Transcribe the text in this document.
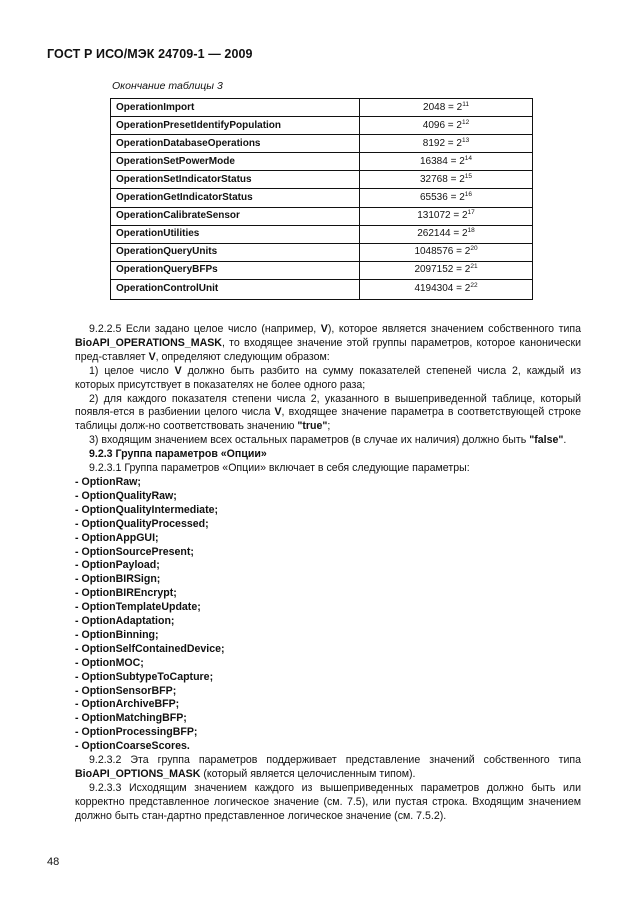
ГОСТ Р ИСО/МЭК 24709-1 — 2009
Окончание таблицы 3
OperationImport	$2048 = 2^{11}$
OperationPresetIdentifyPopulation	$4096 = 2^{12}$
OperationDatabaseOperations	$8192 = 2^{13}$
OperationSetPowerMode	$16384 = 2^{14}$
OperationSetIndicatorStatus	$32768 = 2^{15}$
OperationGetIndicatorStatus	$65536 = 2^{16}$
OperationCalibrateSensor	$131072 = 2^{17}$
OperationUtilities	$262144 = 2^{18}$
OperationQueryUnits	$1048576 = 2^{20}$
OperationQueryBFPs	$2097152 = 2^{21}$
OperationControlUnit	$4194304 = 2^{22}$

9.2.2.5 Если задано целое число (например, V), которое является значением собственного типа BioAPI_OPERATIONS_MASK, то входящее значение этой группы параметров, которое канонически пред-ставляет V, определяют следующим образом:

1) целое число V должно быть разбито на сумму показателей степеней числа 2, каждый из которых присутствует в показателях не более одного раза;

2) для каждого показателя степени числа 2, указанного в вышеприведенной таблице, который появля-ется в разбиении целого числа V, входящее значение параметра в соответствующей строке таблицы долж-но соответствовать значению "true";

3) входящим значением всех остальных параметров (в случае их наличия) должно быть "false".

9.2.3 Группа параметров «Опции»

9.2.3.1 Группа параметров «Опции» включает в себя следующие параметры:

- OptionRaw;

- OptionQualityRaw;

- OptionQualityIntermediate;

- OptionQualityProcessed;

- OptionAppGUI;

- OptionSourcePresent;

- OptionPayload;

- OptionBIRSign;

- OptionBIREncrypt;

- OptionTemplateUpdate;

- OptionAdaptation;

- OptionBinning;

- OptionSelfContainedDevice;

- OptionMOC;

- OptionSubtypeToCapture;

- OptionSensorBFP;

- OptionArchiveBFP;

- OptionMatchingBFP;

- OptionProcessingBFP;

- OptionCoarseScores.

9.2.3.2 Эта группа параметров поддерживает представление значений собственного типа BioAPI_OPTIONS_MASK (который является целочисленным типом).

9.2.3.3 Исходящим значением каждого из вышеприведенных параметров должно быть или корректно представленное логическое значение (см. 7.5), или пустая строка. Входящим значением должно быть стан-дартно представленное логическое значение (см. 7.5.2).

48
